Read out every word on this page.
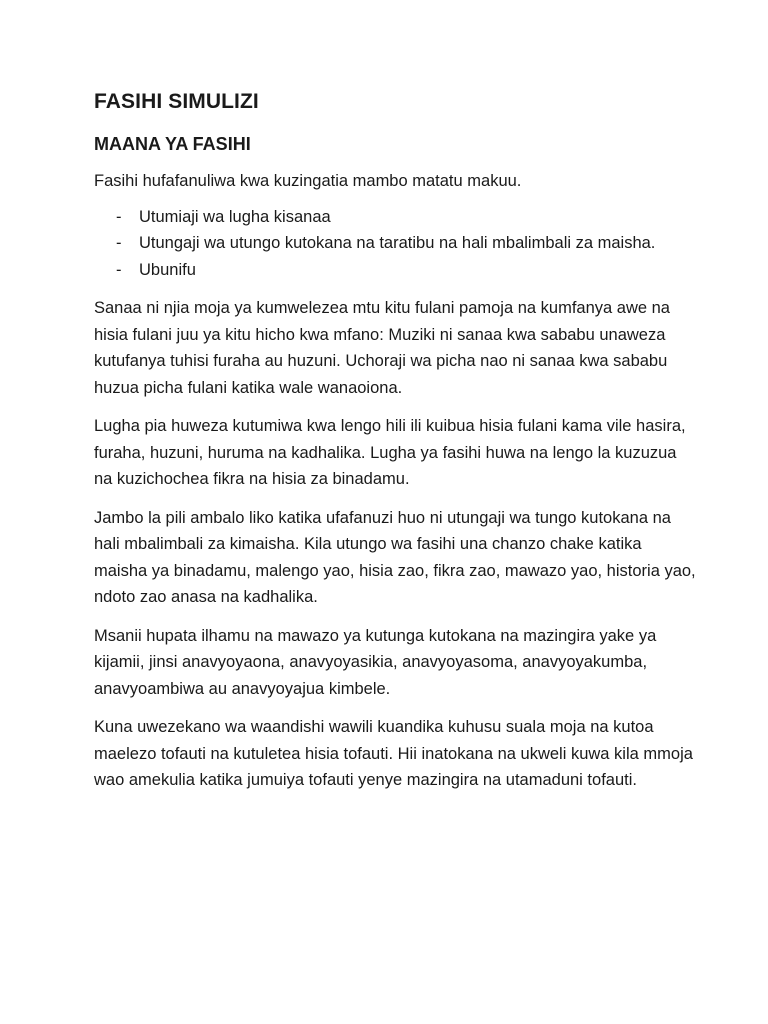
FASIHI SIMULIZI
MAANA YA FASIHI

Fasihi hufafanuliwa kwa kuzingatia mambo matatu makuu.

- Utumiaji wa lugha kisanaa
- Utungaji wa utungo kutokana na taratibu na hali mbalimbali za maisha.
- Ubunifu

Sanaa ni njia moja ya kumwelezea mtu kitu fulani pamoja na kumfanya awe na hisia fulani juu ya kitu hicho kwa mfano: Muziki ni sanaa kwa sababu unaweza kutufanya tuhisi furaha au huzuni. Uchoraji wa picha nao ni sanaa kwa sababu huzua picha fulani katika wale wanaoiona.

Lugha pia huweza kutumiwa kwa lengo hili ili kuibua hisia fulani kama vile hasira, furaha, huzuni, huruma na kadhalika. Lugha ya fasihi huwa na lengo la kuzuzua na kuzichochea fikra na hisia za binadamu.

Jambo la pili ambalo liko katika ufafanuzi huo ni utungaji wa tungo kutokana na hali mbalimbali za kimaisha. Kila utungo wa fasihi una chanzo chake katika maisha ya binadamu, malengo yao, hisia zao, fikra zao, mawazo yao, historia yao, ndoto zao anasa na kadhalika.

Msanii hupata ilhamu na mawazo ya kutunga kutokana na mazingira yake ya kijamii, jinsi anavyoyaona, anavyoyasikia, anavyoyasoma, anavyoyakumba, anavyoambiwa au anavyoyajua kimbele.

Kuna uwezekano wa waandishi wawili kuandika kuhusu suala moja na kutoa maelezo tofauti na kutuletea hisia tofauti. Hii inatokana na ukweli kuwa kila mmoja wao amekulia katika jumuiya tofauti yenye mazingira na utamaduni tofauti.
